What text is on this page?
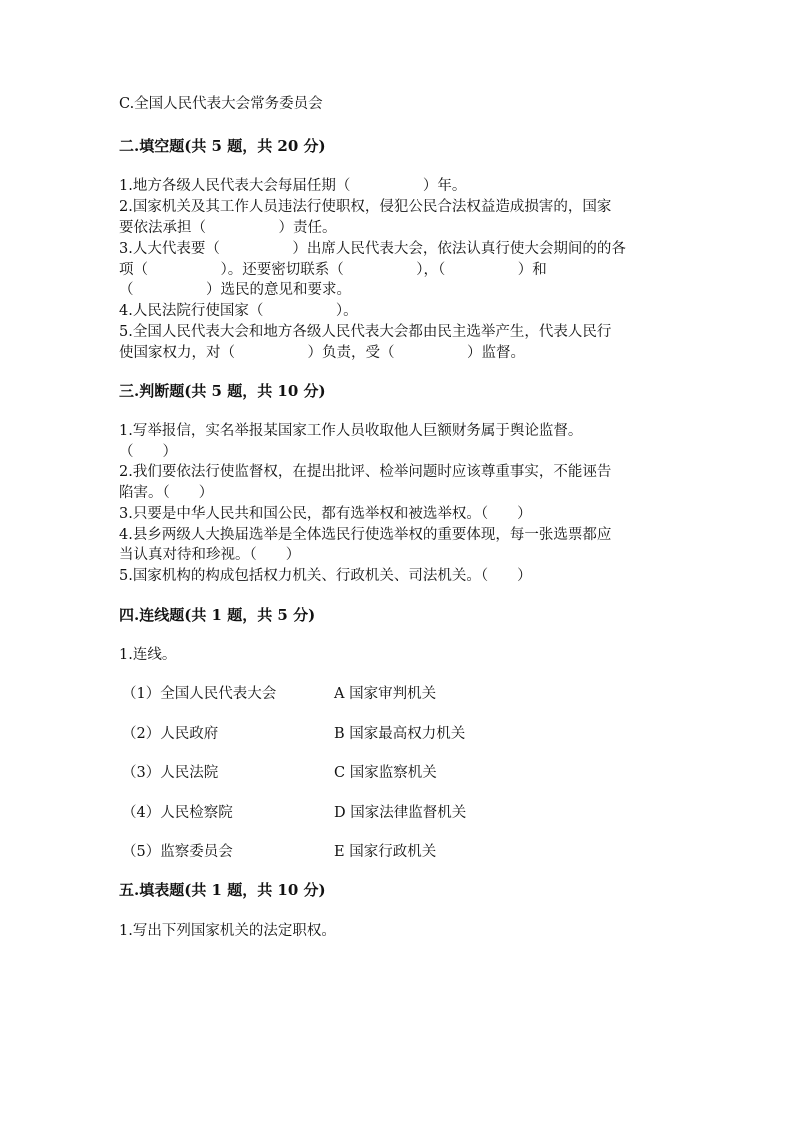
C.全国人民代表大会常务委员会
二.填空题(共 5 题，共 20 分)
1.地方各级人民代表大会每届任期（　　　　　）年。
2.国家机关及其工作人员违法行使职权，侵犯公民合法权益造成损害的，国家
要依法承担（　　　　　）责任。
3.人大代表要（　　　　　）出席人民代表大会，依法认真行使大会期间的的各
项（　　　　　）。还要密切联系（　　　　　），（　　　　　）和
（　　　　　）选民的意见和要求。
4.人民法院行使国家（　　　　　）。
5.全国人民代表大会和地方各级人民代表大会都由民主选举产生，代表人民行
使国家权力，对（　　　　　）负责，受（　　　　　）监督。
三.判断题(共 5 题，共 10 分)
1.写举报信，实名举报某国家工作人员收取他人巨额财务属于舆论监督。
（　　）
2.我们要依法行使监督权，在提出批评、检举问题时应该尊重事实，不能诬告
陷害。（　　）
3.只要是中华人民共和国公民，都有选举权和被选举权。（　　）
4.县乡两级人大换届选举是全体选民行使选举权的重要体现，每一张选票都应
当认真对待和珍视。（　　）
5.国家机构的构成包括权力机关、行政机关、司法机关。（　　）
四.连线题(共 1 题，共 5 分)
1.连线。
（1）全国人民代表大会	A 国家审判机关
（2）人民政府	B 国家最高权力机关
（3）人民法院	C 国家监察机关
（4）人民检察院	D 国家法律监督机关
（5）监察委员会	E 国家行政机关
五.填表题(共 1 题，共 10 分)
1.写出下列国家机关的法定职权。
